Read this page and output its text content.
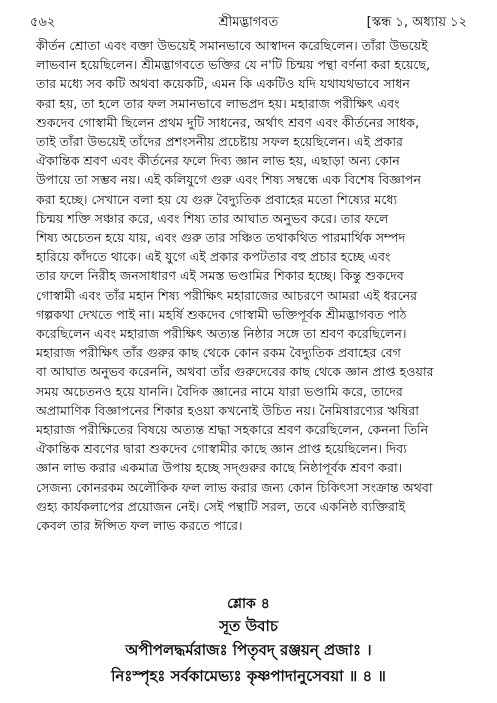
৫৬২	শ্রীমদ্ভাগবত	[স্কন্ধ ১, অধ্যায় ১২
কীর্তন শ্রোতা এবং বক্তা উভয়েই সমানভাবে আস্বাদন করেছিলেন। তাঁরা উভয়েই
লাভবান হয়েছিলেন। শ্রীমদ্ভাগবতে ভক্তির যে ন'টি চিন্ময় পন্থা বর্ণনা করা হয়েছে,
তার মধ্যে সব কটি অথবা কয়েকটি, এমন কি একটিও যদি যথাযথভাবে সাধন
করা হয়, তা হলে তার ফল সমানভাবে লাভপ্রদ হয়। মহারাজ পরীক্ষিৎ এবং
শুকদেব গোস্বামী ছিলেন প্রথম দুটি সাধনের, অর্থাৎ শ্রবণ এবং কীর্তনের সাধক,
তাই তাঁরা উভয়েই তাঁদের প্রশংসনীয় প্রচেষ্টায় সফল হয়েছিলেন। এই প্রকার
ঐকান্তিক শ্রবণ এবং কীর্তনের ফলে দিব্য জ্ঞান লাভ হয়, এছাড়া অন্য কোন
উপায়ে তা সম্ভব নয়। এই কলিযুগে গুরু এবং শিষ্য সম্বন্ধে এক বিশেষ বিজ্ঞাপন
করা হচ্ছে। সেখানে বলা হয় যে গুরু বৈদ্যুতিক প্রবাহের মতো শিষ্যের মধ্যে
চিন্ময় শক্তি সঞ্চার করে, এবং শিষ্য তার আঘাত অনুভব করে। তার ফলে
শিষ্য অচেতন হয়ে যায়, এবং গুরু তার সঞ্চিত তথাকথিত পারমার্থিক সম্পদ
হারিয়ে কাঁদতে থাকে। এই যুগে এই প্রকার কপটতার বহু প্রচার হচ্ছে এবং
তার ফলে নিরীহ জনসাধারণ এই সমস্ত ভণ্ডামির শিকার হচ্ছে। কিন্তু শুকদেব
গোস্বামী এবং তাঁর মহান শিষ্য পরীক্ষিৎ মহারাজের আচরণে আমরা এই ধরনের
গল্পকথা দেখতে পাই না। মহর্ষি শুকদেব গোস্বামী ভক্তিপূর্বক শ্রীমদ্ভাগবত পাঠ
করেছিলেন এবং মহারাজ পরীক্ষিৎ অত্যন্ত নিষ্ঠার সঙ্গে তা শ্রবণ করেছিলেন।
মহারাজ পরীক্ষিৎ তাঁর গুরুর কাছ থেকে কোন রকম বৈদ্যুতিক প্রবাহের বেগ
বা আঘাত অনুভব করেননি, অথবা তাঁর গুরুদেবের কাছ থেকে জ্ঞান প্রাপ্ত হওয়ার
সময় অচেতনও হয়ে যাননি। বৈদিক জ্ঞানের নামে যারা ভণ্ডামি করে, তাদের
অপ্রামাণিক বিজ্ঞাপনের শিকার হওয়া কখনোই উচিত নয়। নৈমিষারণ্যের ঋষিরা
মহারাজ পরীক্ষিতের বিষয়ে অত্যন্ত শ্রদ্ধা সহকারে শ্রবণ করেছিলেন, কেননা তিনি
ঐকান্তিক শ্রবণের দ্বারা শুকদেব গোস্বামীর কাছে জ্ঞান প্রাপ্ত হয়েছিলেন। দিব্য
জ্ঞান লাভ করার একমাত্র উপায় হচ্ছে সদ্‌গুরুর কাছে নিষ্ঠাপূর্বক শ্রবণ করা।
সেজন্য কোনরকম অলৌকিক ফল লাভ করার জন্য কোন চিকিৎসা সংক্রান্ত অথবা
গুহ্য কার্যকলাপের প্রয়োজন নেই। সেই পন্থাটি সরল, তবে একনিষ্ঠ ব্যক্তিরাই
কেবল তার ঈপ্সিত ফল লাভ করতে পারে।
শ্লোক ৪
সূত উবাচ
অপীপলদ্ধর্মরাজঃ পিতৃবদ্ রঞ্জয়ন্ প্রজাঃ ।
নিঃস্পৃহঃ সর্বকামেভ্যঃ কৃষ্ণপাদানুসেবয়া ॥ ৪ ॥
